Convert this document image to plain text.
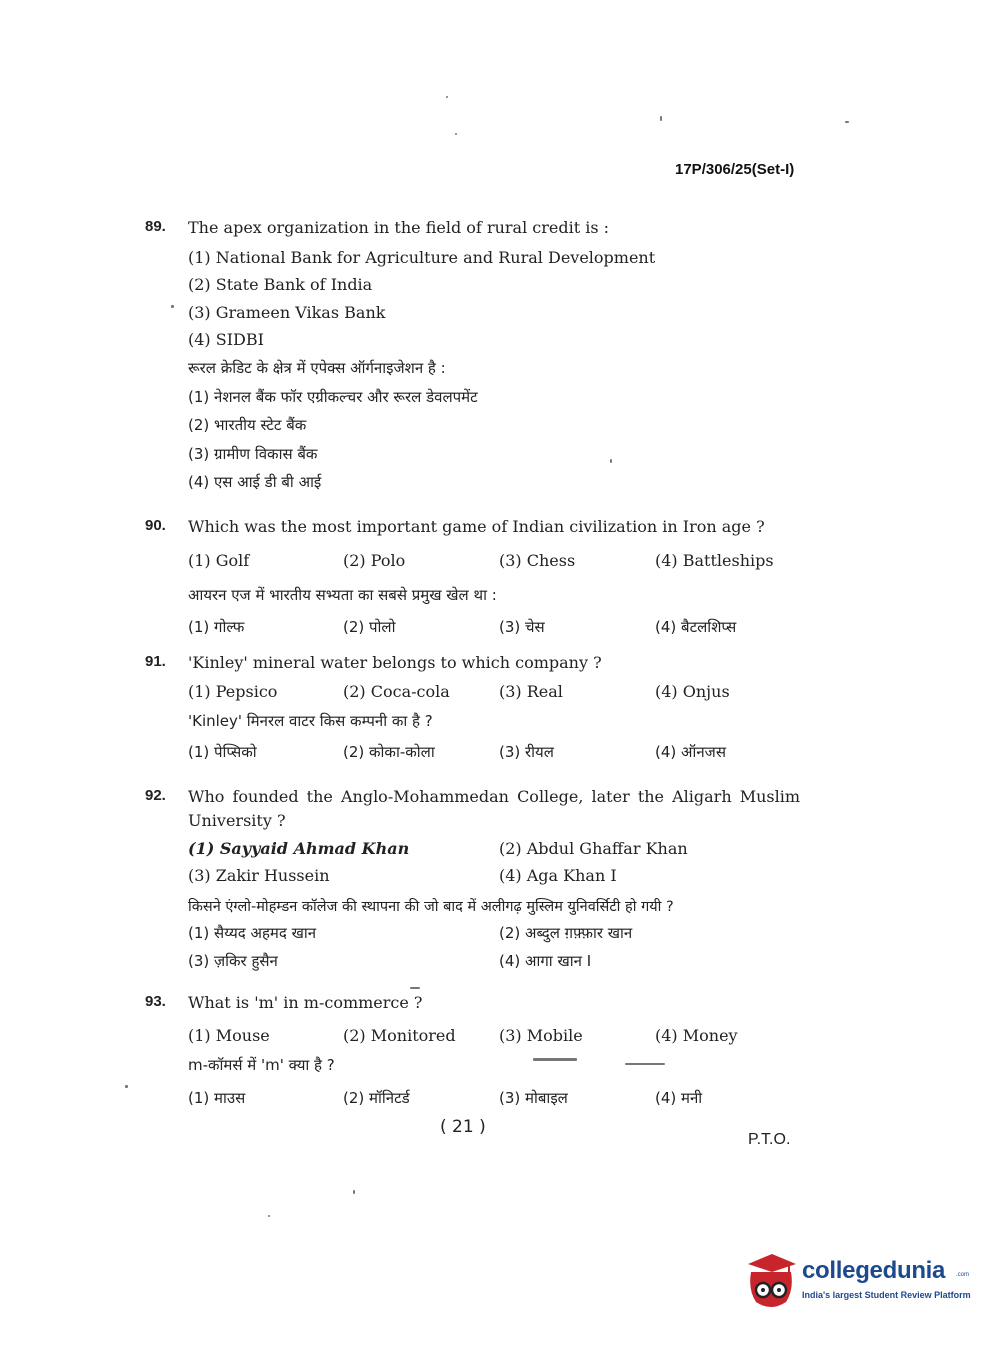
17P/306/25(Set-I)
89. The apex organization in the field of rural credit is :
(1) National Bank for Agriculture and Rural Development
(2) State Bank of India
(3) Grameen Vikas Bank
(4) SIDBI
रूरल क्रेडिट के क्षेत्र में एपेक्स ऑर्गनाइजेशन है :
(1) नेशनल बैंक फॉर एग्रीकल्चर और रूरल डेवलपमेंट
(2) भारतीय स्टेट बैंक
(3) ग्रामीण विकास बैंक
(4) एस आई डी बी आई
90. Which was the most important game of Indian civilization in Iron age ?
(1) Golf	(2) Polo	(3) Chess	(4) Battleships
आयरन एज में भारतीय सभ्यता का सबसे प्रमुख खेल था :
(1) गोल्फ	(2) पोलो	(3) चेस	(4) बैटलशिप्स
91. 'Kinley' mineral water belongs to which company ?
(1) Pepsico	(2) Coca-cola	(3) Real	(4) Onjus
'Kinley' मिनरल वाटर किस कम्पनी का है ?
(1) पेप्सिको	(2) कोका-कोला	(3) रीयल	(4) ऑनजस
92. Who founded the Anglo-Mohammedan College, later the Aligarh Muslim
University ?
(1) Sayyaid Ahmad Khan	(2) Abdul Ghaffar Khan
(3) Zakir Hussein	(4) Aga Khan I
किसने एंग्लो-मोहम्डन कॉलेज की स्थापना की जो बाद में अलीगढ़ मुस्लिम युनिवर्सिटी हो गयी ?
(1) सैय्यद अहमद खान	(2) अब्दुल ग़फ़्फ़ार खान
(3) ज़किर हुसैन	(4) आगा खान I
93. What is 'm' in m-commerce ?
(1) Mouse	(2) Monitored	(3) Mobile	(4) Money
m-कॉमर्स में 'm' क्या है ?
(1) माउस	(2) मॉनिटर्ड	(3) मोबाइल	(4) मनी
( 21 )
P.T.O.
collegedunia .com
India's largest Student Review Platform
